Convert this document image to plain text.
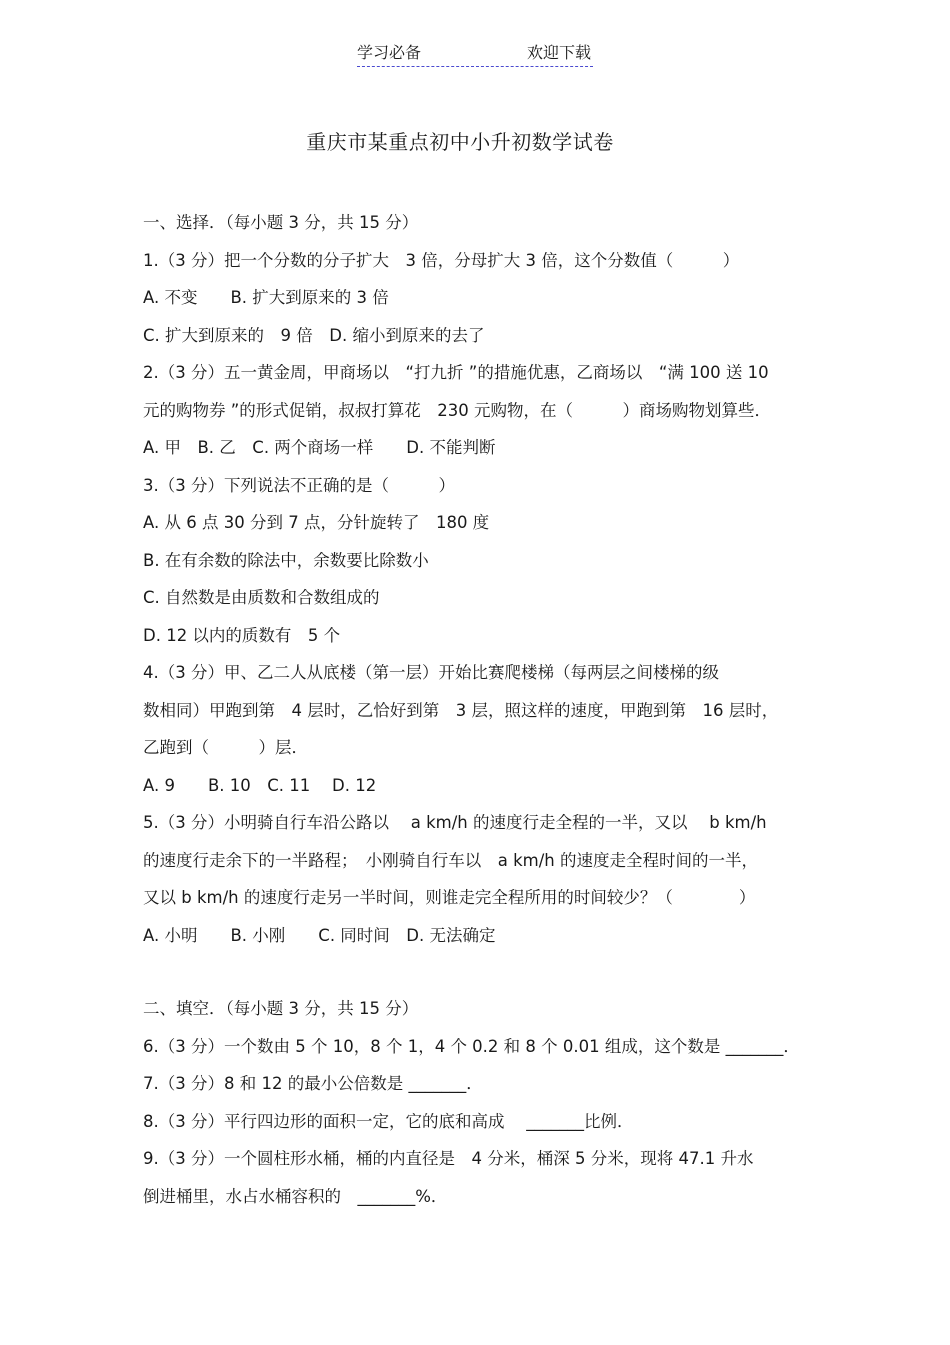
学习必备	欢迎下载
重庆市某重点初中小升初数学试卷
一、选择．（每小题 3 分，共 15 分）
1.（3 分）把一个分数的分子扩大　3 倍，分母扩大 3 倍，这个分数值（　　　）
A. 不变　　B. 扩大到原来的 3 倍
C. 扩大到原来的　9 倍　D. 缩小到原来的去了
2.（3 分）五一黄金周，甲商场以　“打九折 ”的措施优惠，乙商场以　“满 100 送 10
元的购物券 ”的形式促销，叔叔打算花　230 元购物，在（　　　）商场购物划算些．
A. 甲　B. 乙　C. 两个商场一样　　D. 不能判断
3.（3 分）下列说法不正确的是（　　　）
A. 从 6 点 30 分到 7 点，分针旋转了　180 度
B. 在有余数的除法中，余数要比除数小
C. 自然数是由质数和合数组成的
D. 12 以内的质数有　5 个
4.（3 分）甲、乙二人从底楼（第一层）开始比赛爬楼梯（每两层之间楼梯的级
数相同）甲跑到第　4 层时，乙恰好到第　3 层，照这样的速度，甲跑到第　16 层时，
乙跑到（　　　）层．
A. 9　　B. 10　C. 11　 D. 12
5.（3 分）小明骑自行车沿公路以　 a km/h 的速度行走全程的一半，又以　 b km/h
的速度行走余下的一半路程；　小刚骑自行车以　a km/h 的速度走全程时间的一半，
又以 b km/h 的速度行走另一半时间，则谁走完全程所用的时间较少？（　　　　）
A. 小明　　B. 小刚　　C. 同时间　D. 无法确定
二、填空．（每小题 3 分，共 15 分）
6.（3 分）一个数由 5 个 10，8 个 1，4 个 0.2 和 8 个 0.01 组成，这个数是 _______．
7.（3 分）8 和 12 的最小公倍数是 _______．
8.（3 分）平行四边形的面积一定，它的底和高成　 _______比例．
9.（3 分）一个圆柱形水桶，桶的内直径是　4 分米，桶深 5 分米，现将 47.1 升水
倒进桶里，水占水桶容积的　_______%．
